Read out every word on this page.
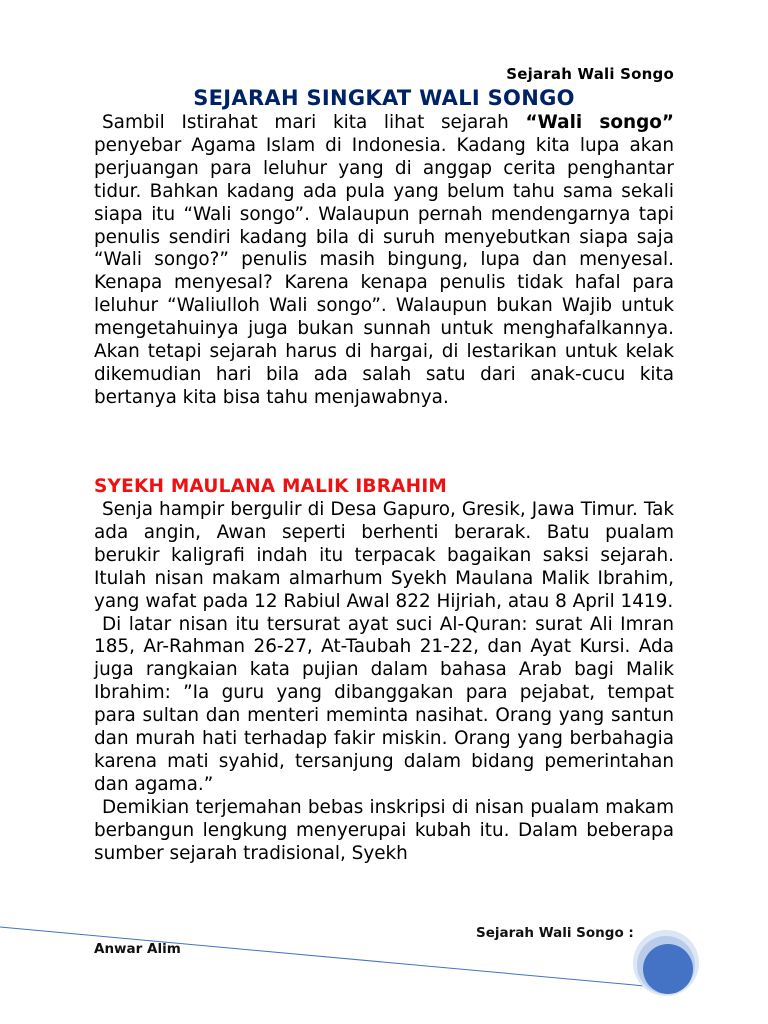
Sejarah Wali Songo
SEJARAH SINGKAT WALI SONGO

Sambil Istirahat mari kita lihat sejarah “Wali songo” penyebar Agama Islam di Indonesia. Kadang kita lupa akan perjuangan para leluhur yang di anggap cerita penghantar tidur. Bahkan kadang ada pula yang belum tahu sama sekali siapa itu “Wali songo”. Walaupun pernah mendengarnya tapi penulis sendiri kadang bila di suruh menyebutkan siapa saja “Wali songo?” penulis masih bingung, lupa dan menyesal. Kenapa menyesal? Karena kenapa penulis tidak hafal para leluhur “Waliulloh Wali songo”. Walaupun bukan Wajib untuk mengetahuinya juga bukan sunnah untuk menghafalkannya. Akan tetapi sejarah harus di hargai, di lestarikan untuk kelak dikemudian hari bila ada salah satu dari anak-cucu kita bertanya kita bisa tahu menjawabnya.

SYEKH MAULANA MALIK IBRAHIM

Senja hampir bergulir di Desa Gapuro, Gresik, Jawa Timur. Tak ada angin, Awan seperti berhenti berarak. Batu pualam berukir kaligrafi indah itu terpacak bagaikan saksi sejarah. Itulah nisan makam almarhum Syekh Maulana Malik Ibrahim, yang wafat pada 12 Rabiul Awal 822 Hijriah, atau 8 April 1419.

Di latar nisan itu tersurat ayat suci Al-Quran: surat Ali Imran 185, Ar-Rahman 26-27, At-Taubah 21-22, dan Ayat Kursi. Ada juga rangkaian kata pujian dalam bahasa Arab bagi Malik Ibrahim: ”Ia guru yang dibanggakan para pejabat, tempat para sultan dan menteri meminta nasihat. Orang yang santun dan murah hati terhadap fakir miskin. Orang yang berbahagia karena mati syahid, tersanjung dalam bidang pemerintahan dan agama.”

Demikian terjemahan bebas inskripsi di nisan pualam makam berbangun lengkung menyerupai kubah itu. Dalam beberapa sumber sejarah tradisional, Syekh

Sejarah Wali Songo :
Anwar Alim
